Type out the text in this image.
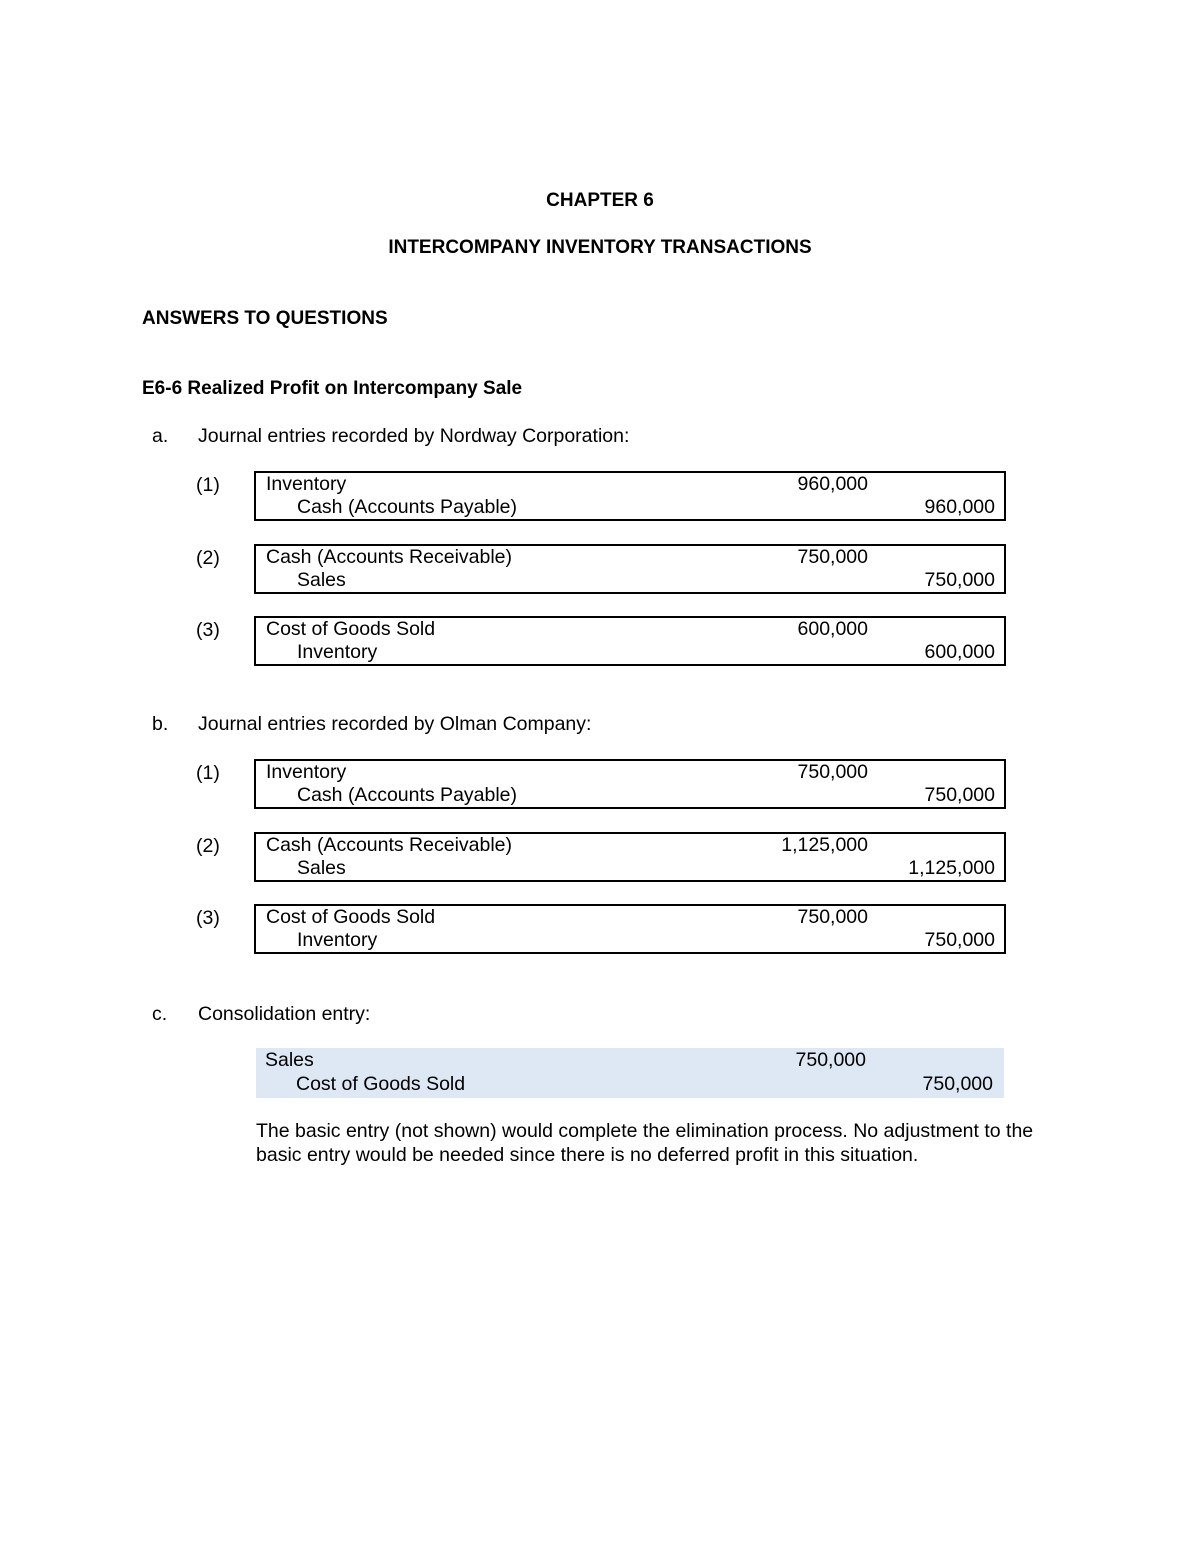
CHAPTER 6
INTERCOMPANY INVENTORY TRANSACTIONS
ANSWERS TO QUESTIONS
E6-6 Realized Profit on Intercompany Sale
a. Journal entries recorded by Nordway Corporation:
(1) Inventory	960,000
Cash (Accounts Payable)	960,000
(2) Cash (Accounts Receivable)	750,000
Sales	750,000
(3) Cost of Goods Sold	600,000
Inventory	600,000
b. Journal entries recorded by Olman Company:
(1) Inventory	750,000
Cash (Accounts Payable)	750,000
(2) Cash (Accounts Receivable)	1,125,000
Sales	1,125,000
(3) Cost of Goods Sold	750,000
Inventory	750,000
c. Consolidation entry:
Sales	750,000
Cost of Goods Sold	750,000
The basic entry (not shown) would complete the elimination process. No adjustment to the basic entry would be needed since there is no deferred profit in this situation.
